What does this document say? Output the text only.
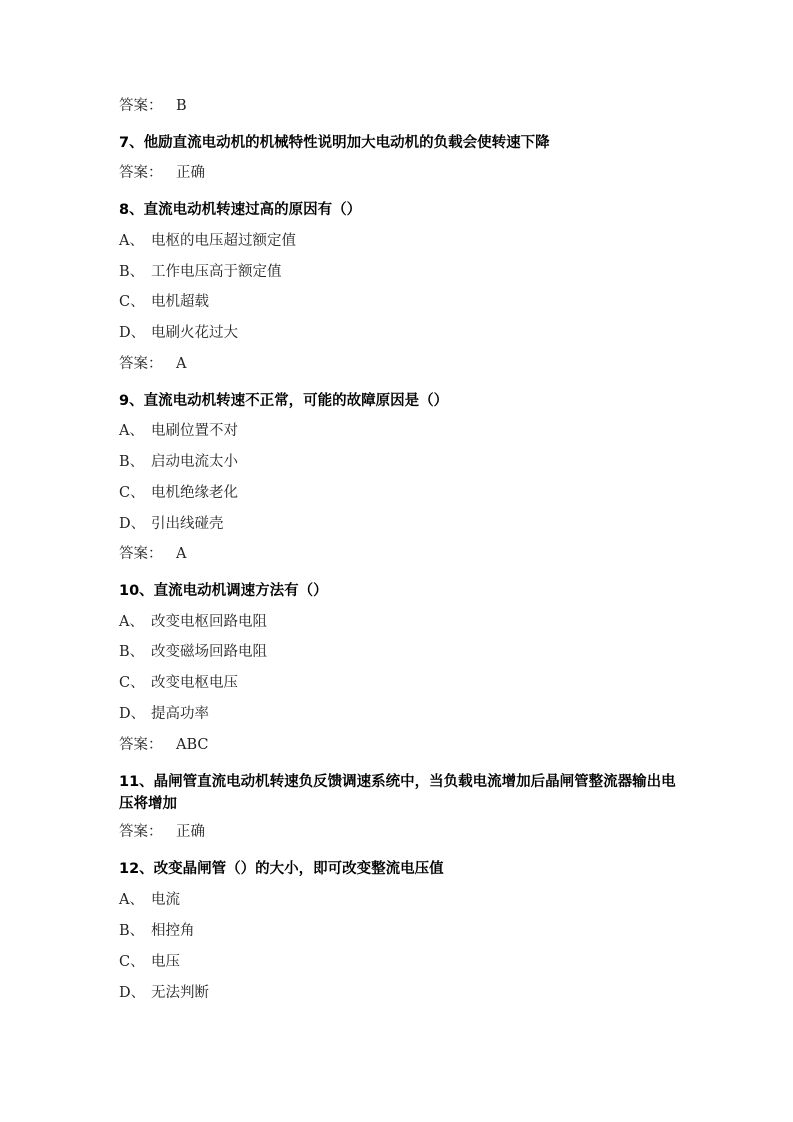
答案： B
7、他励直流电动机的机械特性说明加大电动机的负载会使转速下降
答案： 正确
8、直流电动机转速过高的原因有（）
A、 电枢的电压超过额定值
B、 工作电压高于额定值
C、 电机超载
D、 电刷火花过大
答案： A
9、直流电动机转速不正常，可能的故障原因是（）
A、 电刷位置不对
B、 启动电流太小
C、 电机绝缘老化
D、 引出线碰壳
答案： A
10、直流电动机调速方法有（）
A、 改变电枢回路电阻
B、 改变磁场回路电阻
C、 改变电枢电压
D、 提高功率
答案： ABC
11、晶闸管直流电动机转速负反馈调速系统中，当负载电流增加后晶闸管整流器输出电压将增加
答案： 正确
12、改变晶闸管（）的大小，即可改变整流电压值
A、 电流
B、 相控角
C、 电压
D、 无法判断
